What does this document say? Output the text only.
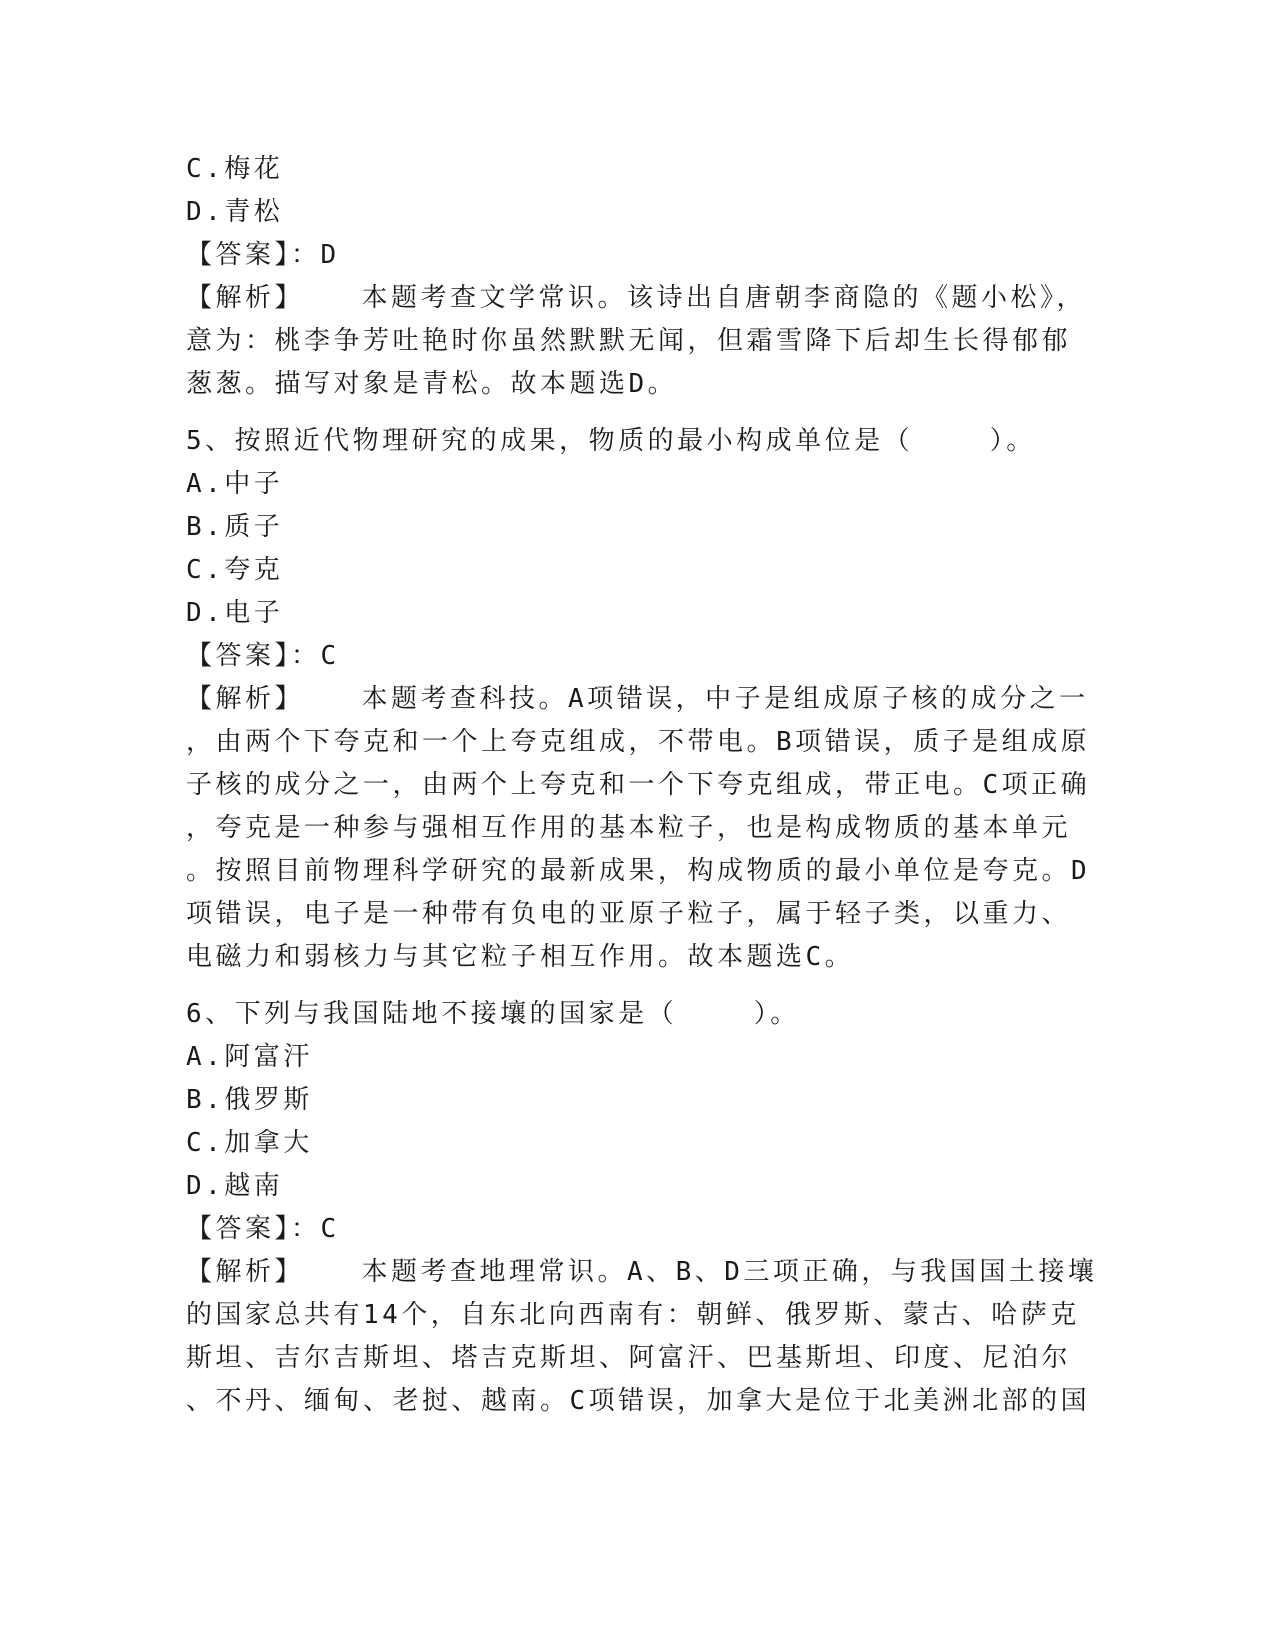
C.梅花
D.青松
【答案】：D
【解析】   本题考查文学常识。该诗出自唐朝李商隐的《题小松》，
意为：桃李争芳吐艳时你虽然默默无闻，但霜雪降下后却生长得郁郁
葱葱。描写对象是青松。故本题选D。
5、按照近代物理研究的成果，物质的最小构成单位是（    ）。
A.中子
B.质子
C.夸克
D.电子
【答案】：C
【解析】   本题考查科技。A项错误，中子是组成原子核的成分之一
，由两个下夸克和一个上夸克组成，不带电。B项错误，质子是组成原
子核的成分之一，由两个上夸克和一个下夸克组成，带正电。C项正确
，夸克是一种参与强相互作用的基本粒子，也是构成物质的基本单元
。按照目前物理科学研究的最新成果，构成物质的最小单位是夸克。D
项错误，电子是一种带有负电的亚原子粒子，属于轻子类，以重力、
电磁力和弱核力与其它粒子相互作用。故本题选C。
6、下列与我国陆地不接壤的国家是（    ）。
A.阿富汗
B.俄罗斯
C.加拿大
D.越南
【答案】：C
【解析】   本题考查地理常识。A、B、D三项正确，与我国国土接壤
的国家总共有14个，自东北向西南有：朝鲜、俄罗斯、蒙古、哈萨克
斯坦、吉尔吉斯坦、塔吉克斯坦、阿富汗、巴基斯坦、印度、尼泊尔
、不丹、缅甸、老挝、越南。C项错误，加拿大是位于北美洲北部的国
